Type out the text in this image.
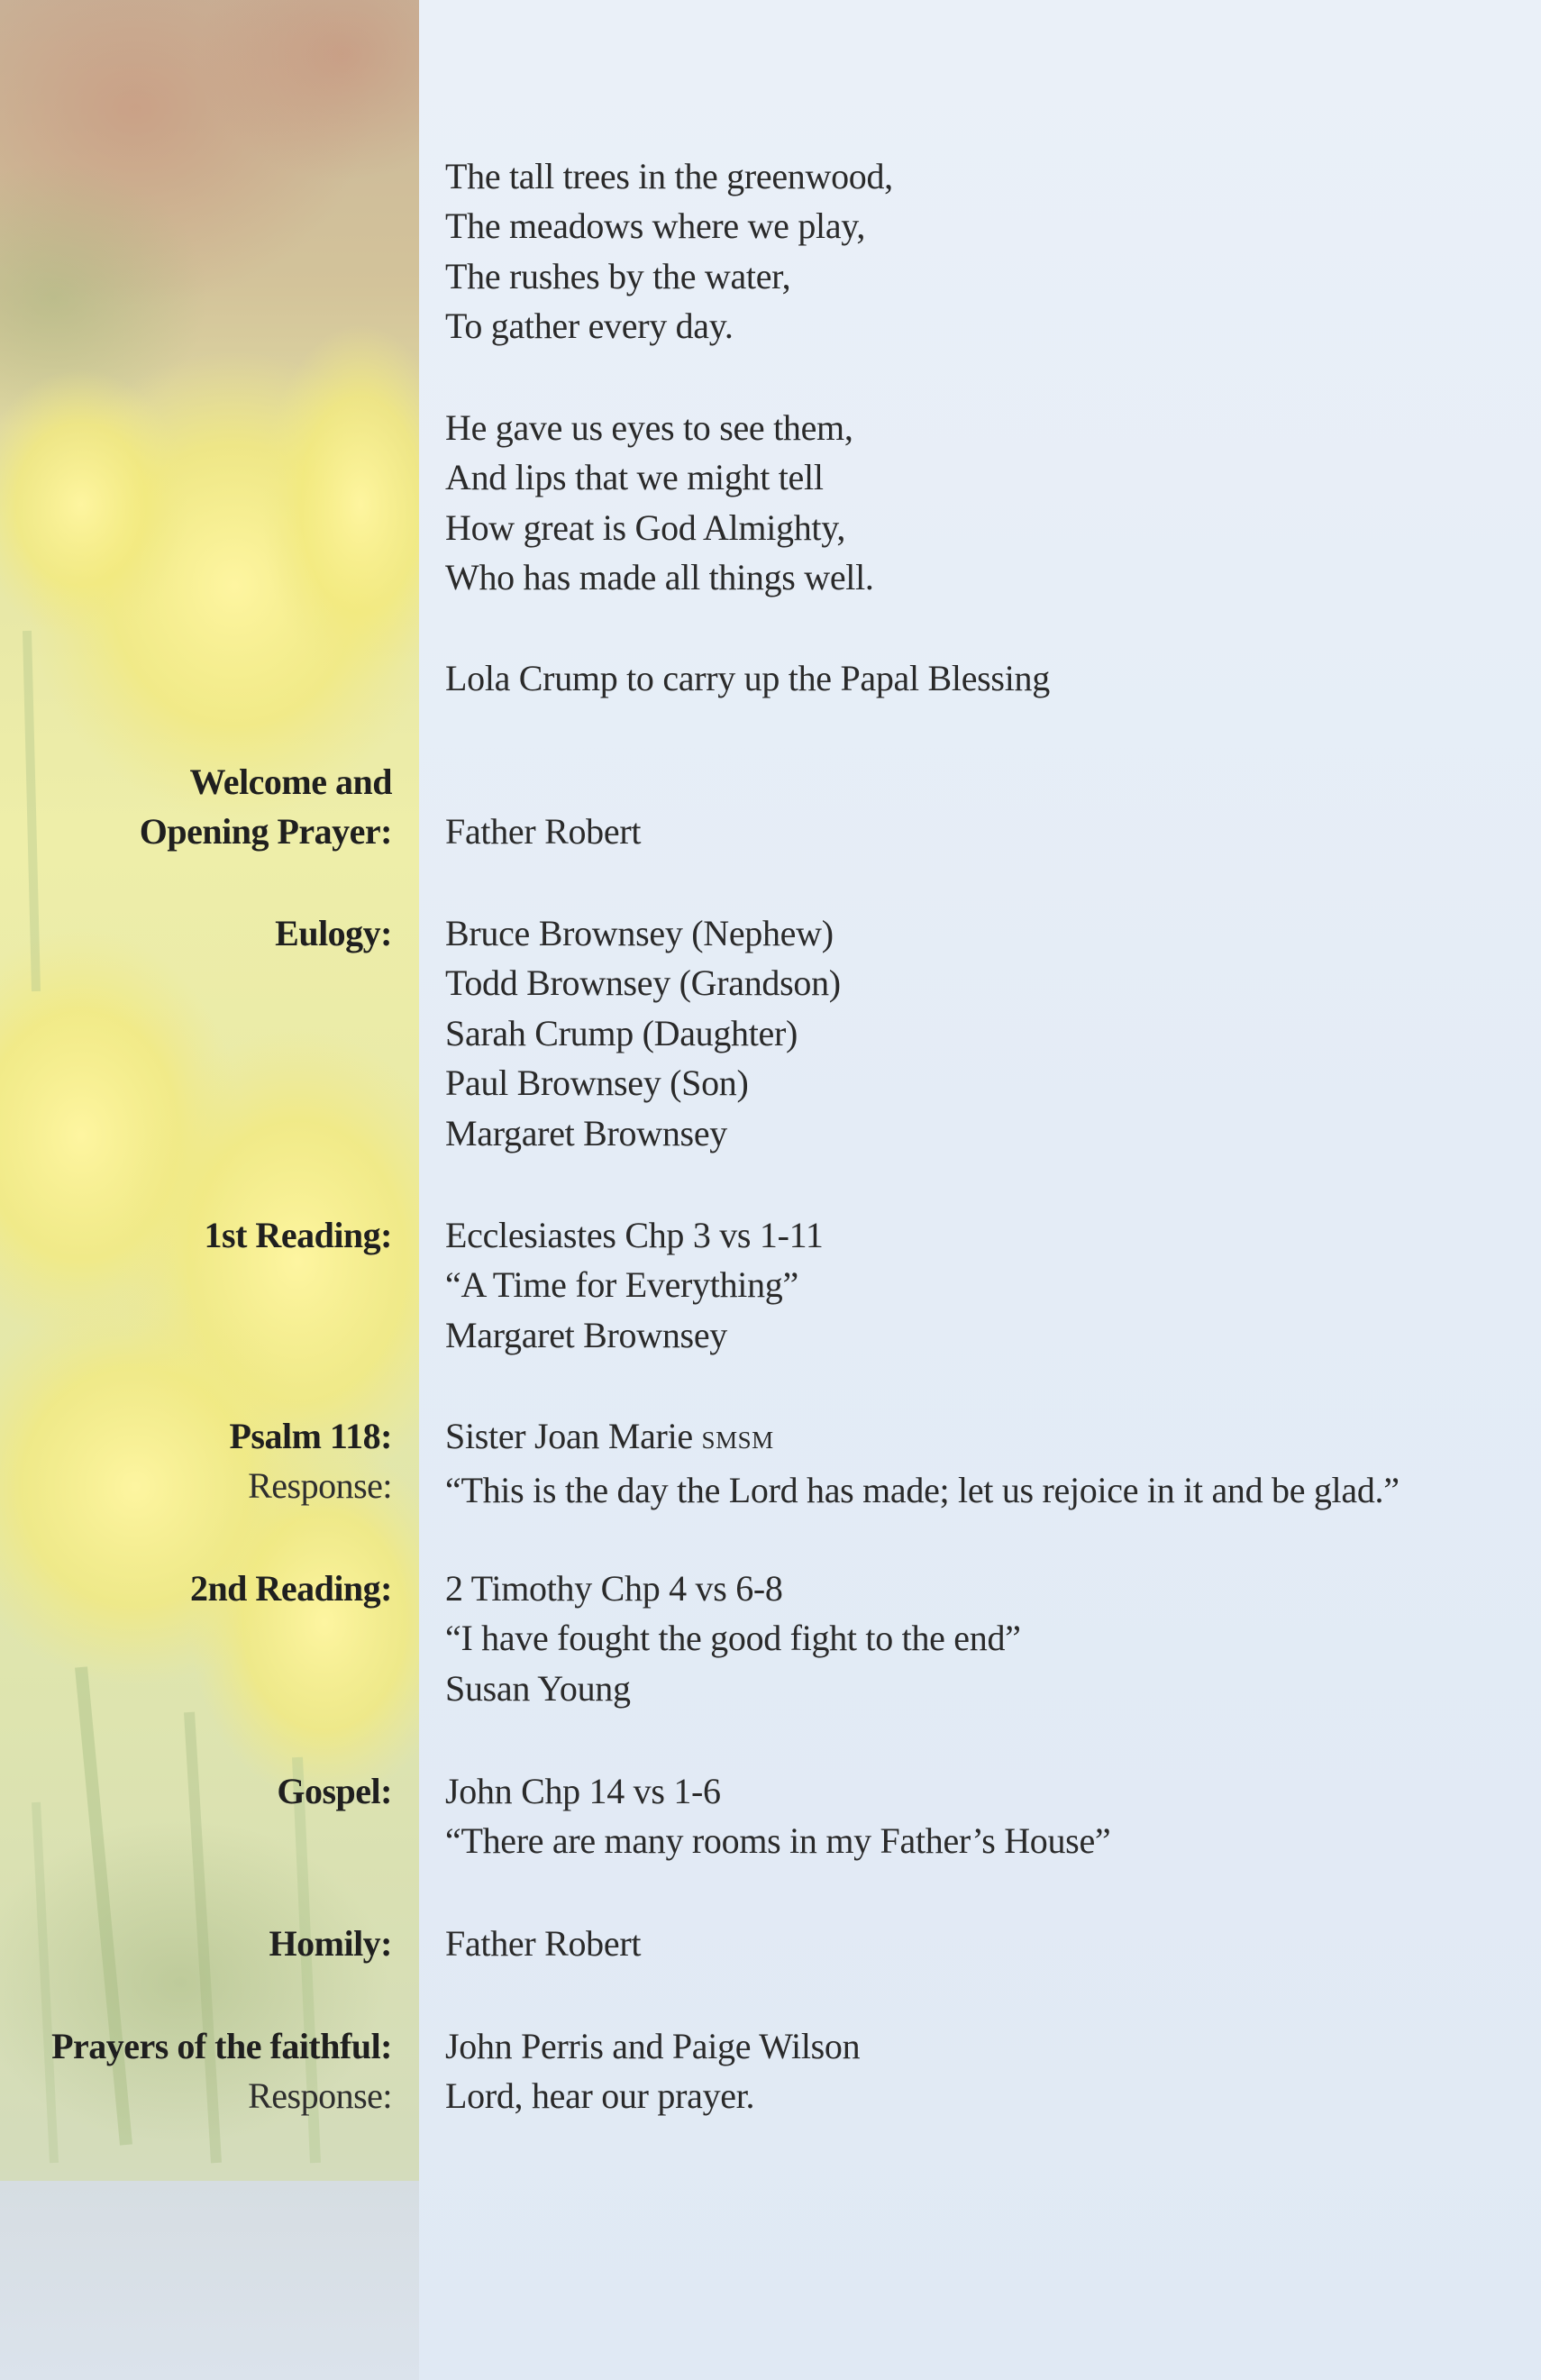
The tall trees in the greenwood,
The meadows where we play,
The rushes by the water,
To gather every day.
He gave us eyes to see them,
And lips that we might tell
How great is God Almighty,
Who has made all things well.
Lola Crump to carry up the Papal Blessing
Welcome and
Opening Prayer: Father Robert
Eulogy: Bruce Brownsey (Nephew)
Todd Brownsey (Grandson)
Sarah Crump (Daughter)
Paul Brownsey (Son)
Margaret Brownsey
1st Reading: Ecclesiastes Chp 3 vs 1-11
“A Time for Everything”
Margaret Brownsey
Psalm 118:
Response:
Sister Joan Marie SMSM
“This is the day the Lord has made; let us rejoice in it and be glad.”
2nd Reading: 2 Timothy Chp 4 vs 6-8
“I have fought the good fight to the end”
Susan Young
Gospel: John Chp 14 vs 1-6
“There are many rooms in my Father’s House”
Homily: Father Robert
Prayers of the faithful:
Response:
John Perris and Paige Wilson
Lord, hear our prayer.
